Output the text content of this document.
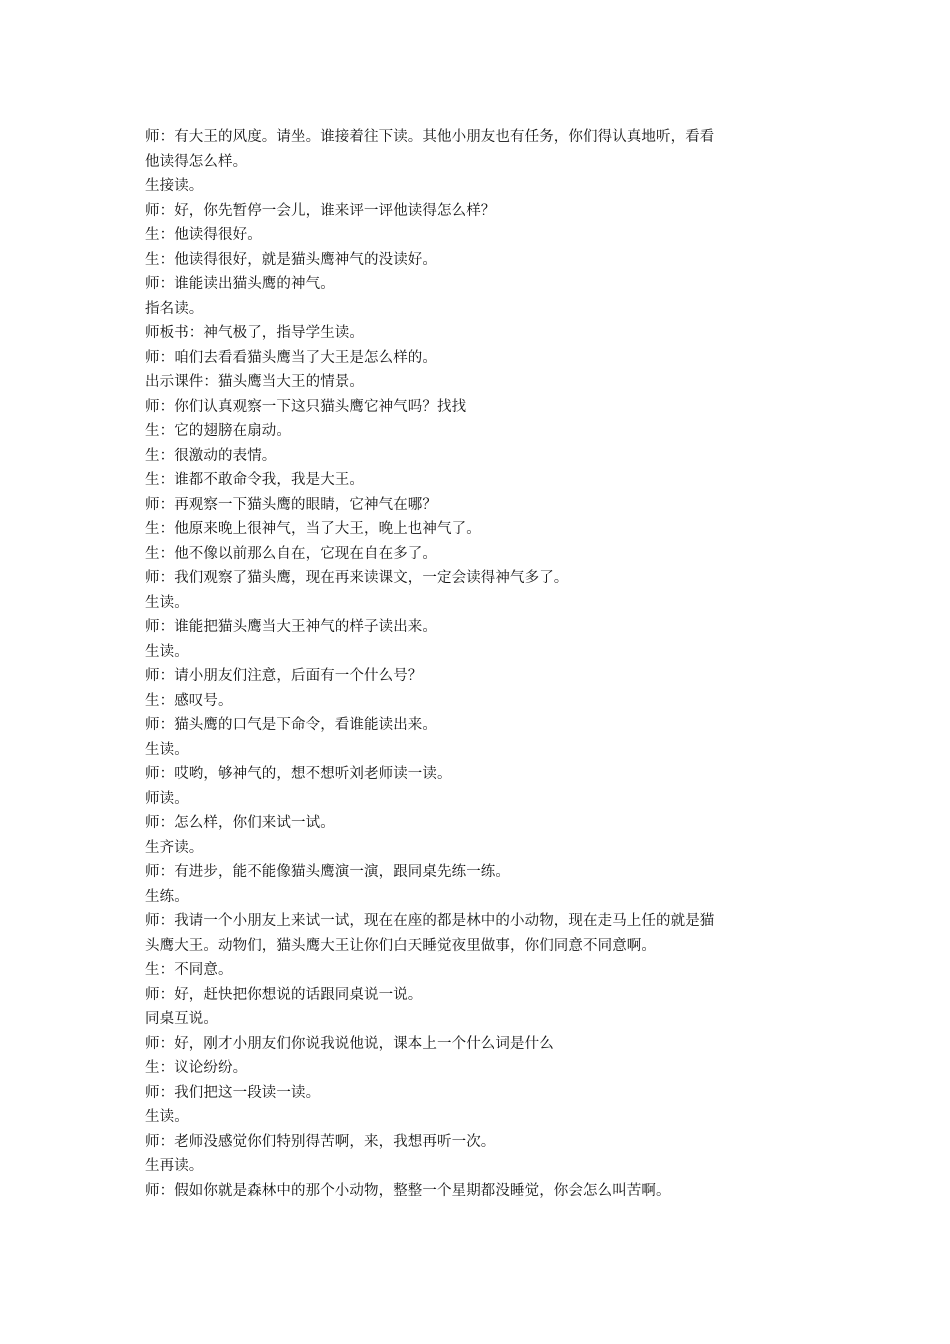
师：有大王的风度。请坐。谁接着往下读。其他小朋友也有任务，你们得认真地听，看看
他读得怎么样。
生接读。
师：好，你先暂停一会儿，谁来评一评他读得怎么样？
生：他读得很好。
生：他读得很好，就是猫头鹰神气的没读好。
师：谁能读出猫头鹰的神气。
指名读。
师板书：神气极了，指导学生读。
师：咱们去看看猫头鹰当了大王是怎么样的。
出示课件：猫头鹰当大王的情景。
师：你们认真观察一下这只猫头鹰它神气吗？找找
生：它的翅膀在扇动。
生：很激动的表情。
生：谁都不敢命令我，我是大王。
师：再观察一下猫头鹰的眼睛，它神气在哪？
生：他原来晚上很神气，当了大王，晚上也神气了。
生：他不像以前那么自在，它现在自在多了。
师：我们观察了猫头鹰，现在再来读课文，一定会读得神气多了。
生读。
师：谁能把猫头鹰当大王神气的样子读出来。
生读。
师：请小朋友们注意，后面有一个什么号？
生：感叹号。
师：猫头鹰的口气是下命令，看谁能读出来。
生读。
师：哎哟，够神气的，想不想听刘老师读一读。
师读。
师：怎么样，你们来试一试。
生齐读。
师：有进步，能不能像猫头鹰演一演，跟同桌先练一练。
生练。
师：我请一个小朋友上来试一试，现在在座的都是林中的小动物，现在走马上任的就是猫
头鹰大王。动物们，猫头鹰大王让你们白天睡觉夜里做事，你们同意不同意啊。
生：不同意。
师：好，赶快把你想说的话跟同桌说一说。
同桌互说。
师：好，刚才小朋友们你说我说他说，课本上一个什么词是什么
生：议论纷纷。
师：我们把这一段读一读。
生读。
师：老师没感觉你们特别得苦啊，来，我想再听一次。
生再读。
师：假如你就是森林中的那个小动物，整整一个星期都没睡觉，你会怎么叫苦啊。
